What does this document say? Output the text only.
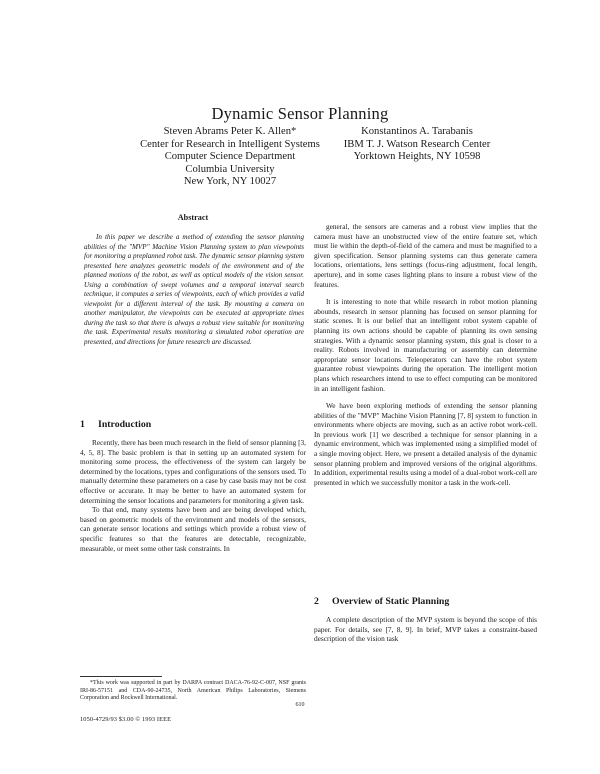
Dynamic Sensor Planning
Steven Abrams Peter K. Allen*
Center for Research in Intelligent Systems
Computer Science Department
Columbia University
New York, NY 10027
Konstantinos A. Tarabanis
IBM T. J. Watson Research Center
Yorktown Heights, NY 10598
Abstract

In this paper we describe a method of extending the sensor planning abilities of the "MVP" Machine Vision Planning system to plan viewpoints for monitoring a preplanned robot task. The dynamic sensor planning system presented here analyzes geometric models of the environment and of the planned motions of the robot, as well as optical models of the vision sensor. Using a combination of swept volumes and a temporal interval search technique, it computes a series of viewpoints, each of which provides a valid viewpoint for a different interval of the task. By mounting a camera on another manipulator, the viewpoints can be executed at appropriate times during the task so that there is always a robust view suitable for monitoring the task. Experimental results monitoring a simulated robot operation are presented, and directions for future research are discussed.

1 Introduction

Recently, there has been much research in the field of sensor planning [3, 4, 5, 8]. The basic problem is that in setting up an automated system for monitoring some process, the effectiveness of the system can largely be determined by the locations, types and configurations of the sensors used. To manually determine these parameters on a case by case basis may not be cost effective or accurate. It may be better to have an automated system for determining the sensor locations and parameters for monitoring a given task.

To that end, many systems have been and are being developed which, based on geometric models of the environment and models of the sensors, can generate sensor locations and settings which provide a robust view of specific features so that the features are detectable, recognizable, measurable, or meet some other task constraints. In

*This work was supported in part by DARPA contract DACA-76-92-C-007, NSF grants IRI-86-57151 and CDA-90-24735, North American Philips Laboratories, Siemens Corporation and Rockwell International.

general, the sensors are cameras and a robust view implies that the camera must have an unobstructed view of the entire feature set, which must lie within the depth-of-field of the camera and must be magnified to a given specification. Sensor planning systems can thus generate camera locations, orientations, lens settings (focus-ring adjustment, focal length, aperture), and in some cases lighting plans to insure a robust view of the features.

It is interesting to note that while research in robot motion planning abounds, research in sensor planning has focused on sensor planning for static scenes. It is our belief that an intelligent robot system capable of planning its own actions should be capable of planning its own sensing strategies. With a dynamic sensor planning system, this goal is closer to a reality. Robots involved in manufacturing or assembly can determine appropriate sensor locations. Teleoperators can have the robot system guarantee robust viewpoints during the operation. The intelligent motion plans which researchers intend to use to effect computing can be monitored in an intelligent fashion.

We have been exploring methods of extending the sensor planning abilities of the "MVP" Machine Vision Planning [7, 8] system to function in environments where objects are moving, such as an active robot work-cell. In previous work [1] we described a technique for sensor planning in a dynamic environment, which was implemented using a simplified model of a single moving object. Here, we present a detailed analysis of the dynamic sensor planning problem and improved versions of the original algorithms. In addition, experimental results using a model of a dual-robot work-cell are presented in which we successfully monitor a task in the work-cell.

2 Overview of Static Planning

A complete description of the MVP system is beyond the scope of this paper. For details, see [7, 8, 9]. In brief, MVP takes a constraint-based description of the vision task

610
1050-4729/93 $3.00 © 1993 IEEE
